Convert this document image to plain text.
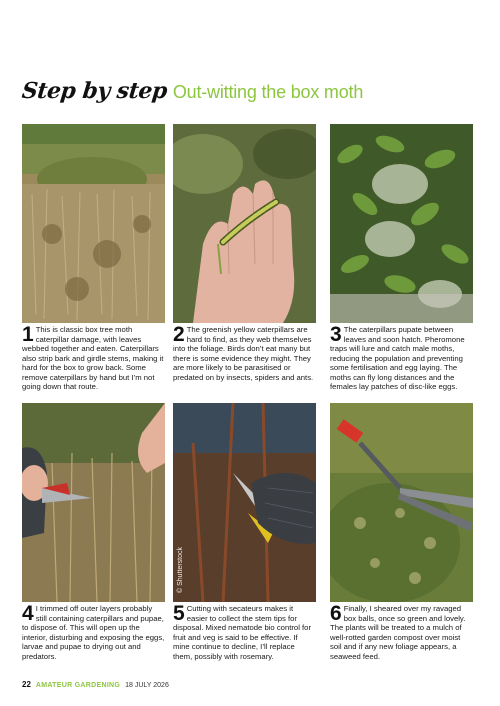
Step by step Out-witting the box moth
1 This is classic box tree moth caterpillar damage, with leaves webbed together and eaten. Caterpillars also strip bark and girdle stems, making it hard for the box to grow back. Some remove caterpillars by hand but I’m not going down that route.
2 The greenish yellow caterpillars are hard to find, as they web themselves into the foliage. Birds don’t eat many but there is some evidence they might. They are more likely to be parasitised or predated on by insects, spiders and ants.
3 The caterpillars pupate between leaves and soon hatch. Pheromone traps will lure and catch male moths, reducing the population and preventing some fertilisation and egg laying. The moths can fly long distances and the females lay patches of disc-like eggs.
4 I trimmed off outer layers probably still containing caterpillars and pupae, to dispose of. This will open up the interior, disturbing and exposing the eggs, larvae and pupae to drying out and predators.
© Shutterstock
5 Cutting with secateurs makes it easier to collect the stem tips for disposal. Mixed nematode bio control for fruit and veg is said to be effective. If mine continue to decline, I’ll replace them, possibly with rosemary.
6 Finally, I sheared over my ravaged box balls, once so green and lovely. The plants will be treated to a mulch of well-rotted garden compost over moist soil and if any new foliage appears, a seaweed feed.
22 AMATEUR GARDENING 18 JULY 2026
